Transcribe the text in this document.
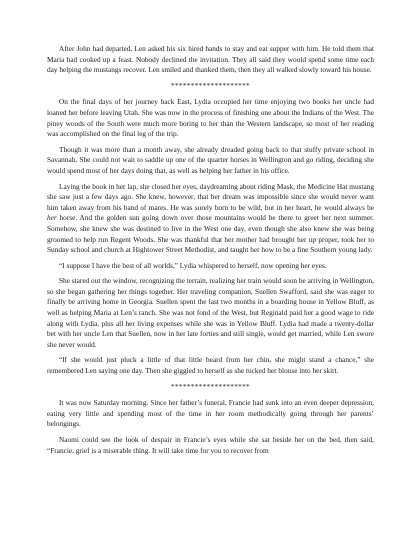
After John had departed, Len asked his six hired hands to stay and eat supper with him. He told them that Maria had cooked up a feast. Nobody declined the invitation. They all said they would spend some time each day helping the mustangs recover. Len smiled and thanked them, then they all walked slowly toward his house.

********************

On the final days of her journey back East, Lydia occupied her time enjoying two books her uncle had loaned her before leaving Utah. She was now in the process of finishing one about the Indians of the West. The piney woods of the South were much more boring to her than the Western landscape, so most of her reading was accomplished on the final leg of the trip.

Though it was more than a month away, she already dreaded going back to that stuffy private school in Savannah. She could not wait to saddle up one of the quarter horses in Wellington and go riding, deciding she would spend most of her days doing that, as well as helping her father in his office.

Laying the book in her lap, she closed her eyes, daydreaming about riding Mask, the Medicine Hat mustang she saw just a few days ago. She knew, however, that her dream was impossible since she would never want him taken away from his band of mares. He was surely born to be wild, but in her heart, he would always be her horse. And the golden sun going down over those mountains would be there to greet her next summer. Somehow, she knew she was destined to live in the West one day, even though she also knew she was being groomed to help run Regent Woods. She was thankful that her mother had brought her up proper, took her to Sunday school and church at Hightower Street Methodist, and taught her how to be a fine Southern young lady.

“I suppose I have the best of all worlds,” Lydia whispered to herself, now opening her eyes.

She stared out the window, recognizing the terrain, realizing her train would soon be arriving in Wellington, so she began gathering her things together. Her traveling companion, Suellen Swafford, said she was eager to finally be arriving home in Georgia. Suellen spent the last two months in a boarding house in Yellow Bluff, as well as helping Maria at Len’s ranch. She was not fond of the West, but Reginald paid her a good wage to ride along with Lydia, plus all her living expenses while she was in Yellow Bluff. Lydia had made a twenty-dollar bet with her uncle Len that Suellen, now in her late forties and still single, would get married, while Len swore she never would.

“If she would just pluck a little of that little beard from her chin, she might stand a chance,” she remembered Len saying one day. Then she giggled to herself as she tucked her blouse into her skirt.

********************

It was now Saturday morning. Since her father’s funeral, Francie had sunk into an even deeper depression, eating very little and spending most of the time in her room methodically going through her parents’ belongings.

Naomi could see the look of despair in Francie’s eyes while she sat beside her on the bed, then said, “Francie, grief is a miserable thing. It will take time for you to recover from
